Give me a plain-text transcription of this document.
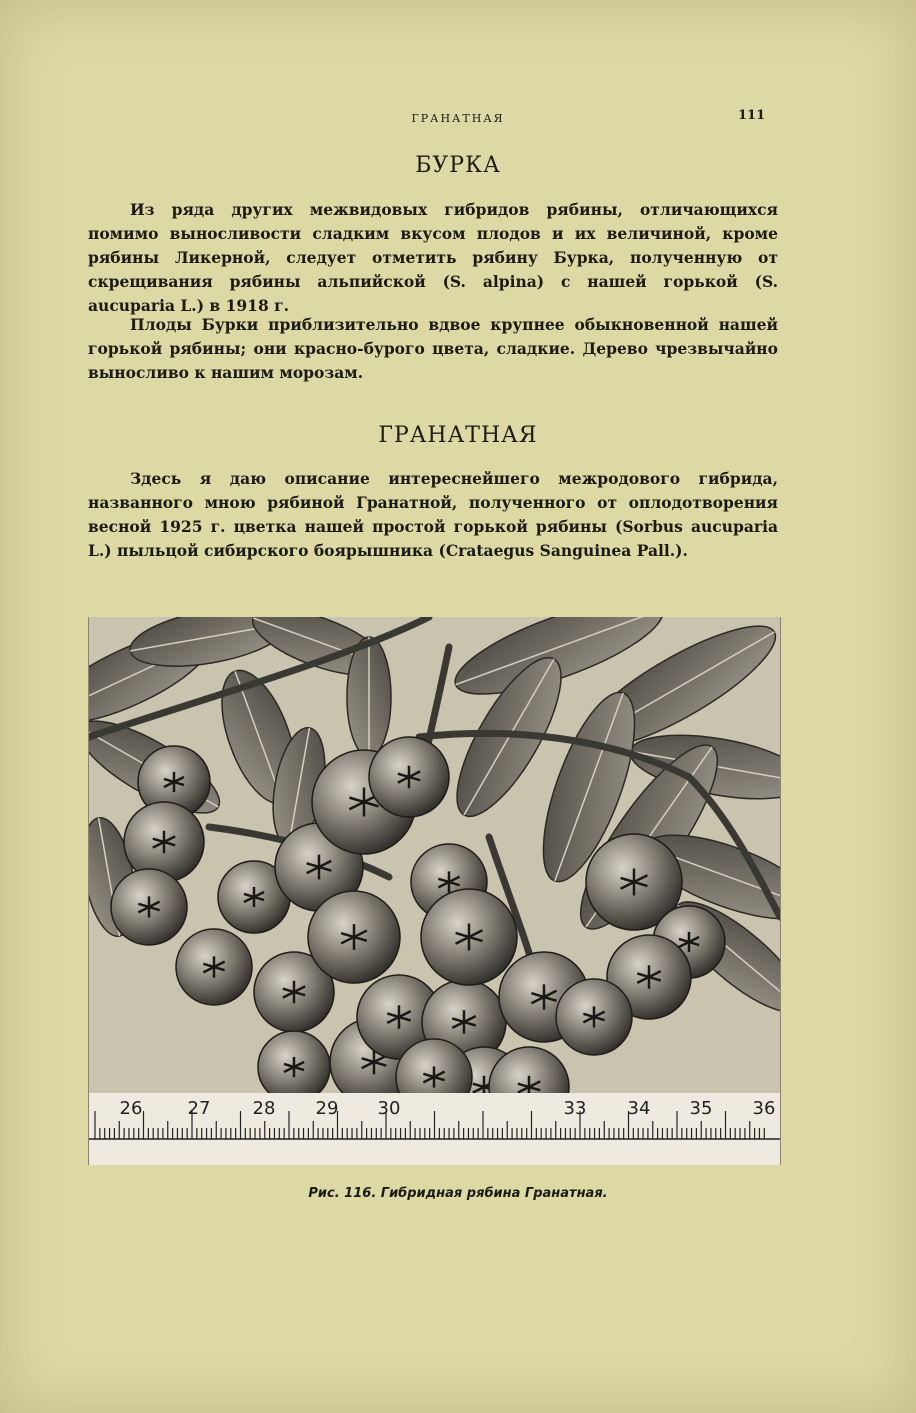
ГРАНАТНАЯ	111
БУРКА

Из ряда других межвидовых гибридов рябины, отличающихся помимо выносливости сладким вкусом плодов и их величиной, кроме рябины Ликерной, следует отметить рябину Бурка, полученную от скрещивания рябины альпийской (S. alpina) с нашей горькой (S. aucuparia L.) в 1918 г.

Плоды Бурки приблизительно вдвое крупнее обыкновенной нашей горькой рябины; они красно-бурого цвета, сладкие. Дерево чрезвычайно выносливо к нашим морозам.

ГРАНАТНАЯ

Здесь я даю описание интереснейшего межродового гибрида, названного мною рябиной Гранатной, полученного от оплодотворения весной 1925 г. цветка нашей простой горькой рябины (Sorbus aucuparia L.) пыльцой сибирского боярышника (Crataegus Sanguinea Pall.).

26	27 28 29 30	33 34 35 36
Рис. 116. Гибридная рябина Гранатная.
